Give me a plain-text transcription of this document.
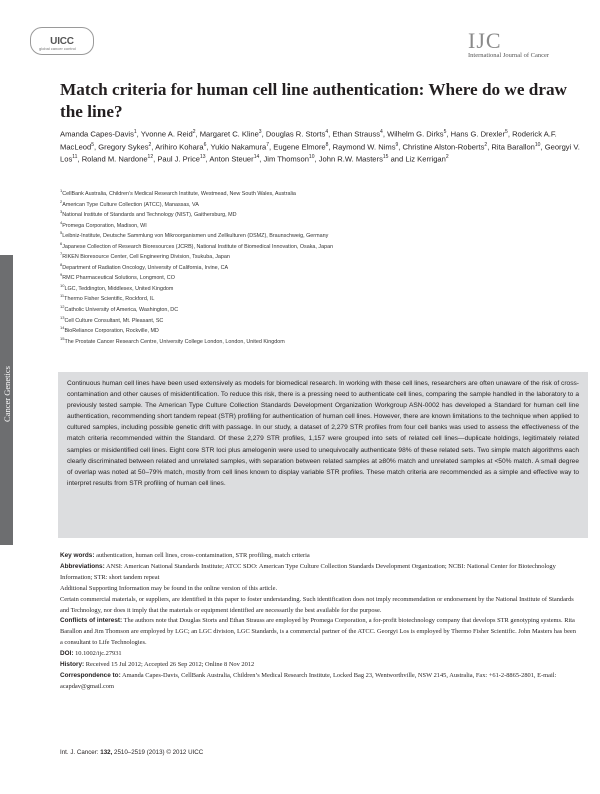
UICC
global cancer control	IJC
International Journal of Cancer
Cancer Genetics
Match criteria for human cell line authentication: Where do we draw the line?
Amanda Capes-Davis$^1$, Yvonne A. Reid$^2$, Margaret C. Kline$^3$, Douglas R. Storts$^4$, Ethan Strauss$^4$, Wilhelm G. Dirks$^5$, Hans G. Drexler$^5$, Roderick A.F. MacLeod$^5$, Gregory Sykes$^2$, Arihiro Kohara$^6$, Yukio Nakamura$^7$, Eugene Elmore$^8$, Raymond W. Nims$^9$, Christine Alston-Roberts$^2$, Rita Barallon$^{10}$, Georgyi V. Los$^{11}$, Roland M. Nardone$^{12}$, Paul J. Price$^{13}$, Anton Steuer$^{14}$, Jim Thomson$^{10}$, John R.W. Masters$^{15}$ and Liz Kerrigan$^2$
$^1$CellBank Australia, Children’s Medical Research Institute, Westmead, New South Wales, Australia
$^2$American Type Culture Collection (ATCC), Manassas, VA
$^3$National Institute of Standards and Technology (NIST), Gaithersburg, MD
$^4$Promega Corporation, Madison, WI
$^5$Leibniz-Institute, Deutsche Sammlung von Mikroorganismen und Zellkulturen (DSMZ), Braunschweig, Germany
$^6$Japanese Collection of Research Bioresources (JCRB), National Institute of Biomedical Innovation, Osaka, Japan
$^7$RIKEN Bioresource Center, Cell Engineering Division, Tsukuba, Japan
$^8$Department of Radiation Oncology, University of California, Irvine, CA
$^9$RMC Pharmaceutical Solutions, Longmont, CO
$^{10}$LGC, Teddington, Middlesex, United Kingdom
$^{11}$Thermo Fisher Scientific, Rockford, IL
$^{12}$Catholic University of America, Washington, DC
$^{13}$Cell Culture Consultant, Mt. Pleasant, SC
$^{14}$BioReliance Corporation, Rockville, MD
$^{15}$The Prostate Cancer Research Centre, University College London, London, United Kingdom
Continuous human cell lines have been used extensively as models for biomedical research. In working with these cell lines, researchers are often unaware of the risk of cross-contamination and other causes of misidentification. To reduce this risk, there is a pressing need to authenticate cell lines, comparing the sample handled in the laboratory to a previously tested sample. The American Type Culture Collection Standards Development Organization Workgroup ASN-0002 has developed a Standard for human cell line authentication, recommending short tandem repeat (STR) profiling for authentication of human cell lines. However, there are known limitations to the technique when applied to cultured samples, including possible genetic drift with passage. In our study, a dataset of 2,279 STR profiles from four cell banks was used to assess the effectiveness of the match criteria recommended within the Standard. Of these 2,279 STR profiles, 1,157 were grouped into sets of related cell lines—duplicate holdings, legitimately related samples or misidentified cell lines. Eight core STR loci plus amelogenin were used to unequivocally authenticate 98% of these related sets. Two simple match algorithms each clearly discriminated between related and unrelated samples, with separation between related samples at ≥80% match and unrelated samples at <50% match. A small degree of overlap was noted at 50–79% match, mostly from cell lines known to display variable STR profiles. These match criteria are recommended as a simple and effective way to interpret results from STR profiling of human cell lines.

Key words: authentication, human cell lines, cross-contamination, STR profiling, match criteria

Abbreviations: ANSI: American National Standards Institute; ATCC SDO: American Type Culture Collection Standards Development Organization; NCBI: National Center for Biotechnology Information; STR: short tandem repeat

Additional Supporting Information may be found in the online version of this article.

Certain commercial materials, or suppliers, are identified in this paper to foster understanding. Such identification does not imply recommendation or endorsement by the National Institute of Standards and Technology, nor does it imply that the materials or equipment identified are necessarily the best available for the purpose.

Conflicts of interest: The authors note that Douglas Storts and Ethan Strauss are employed by Promega Corporation, a for-profit biotechnology company that develops STR genotyping systems. Rita Barallon and Jim Thomson are employed by LGC; an LGC division, LGC Standards, is a commercial partner of the ATCC. Georgyi Los is employed by Thermo Fisher Scientific. John Masters has been a consultant to Life Technologies.

DOI: 10.1002/ijc.27931

History: Received 15 Jul 2012; Accepted 26 Sep 2012; Online 8 Nov 2012

Correspondence to: Amanda Capes-Davis, CellBank Australia, Children’s Medical Research Institute, Locked Bag 23, Wentworthville, NSW 2145, Australia, Fax: +61-2-8865-2801, E-mail: acapdav@gmail.com

Int. J. Cancer: 132, 2510–2519 (2013) © 2012 UICC
